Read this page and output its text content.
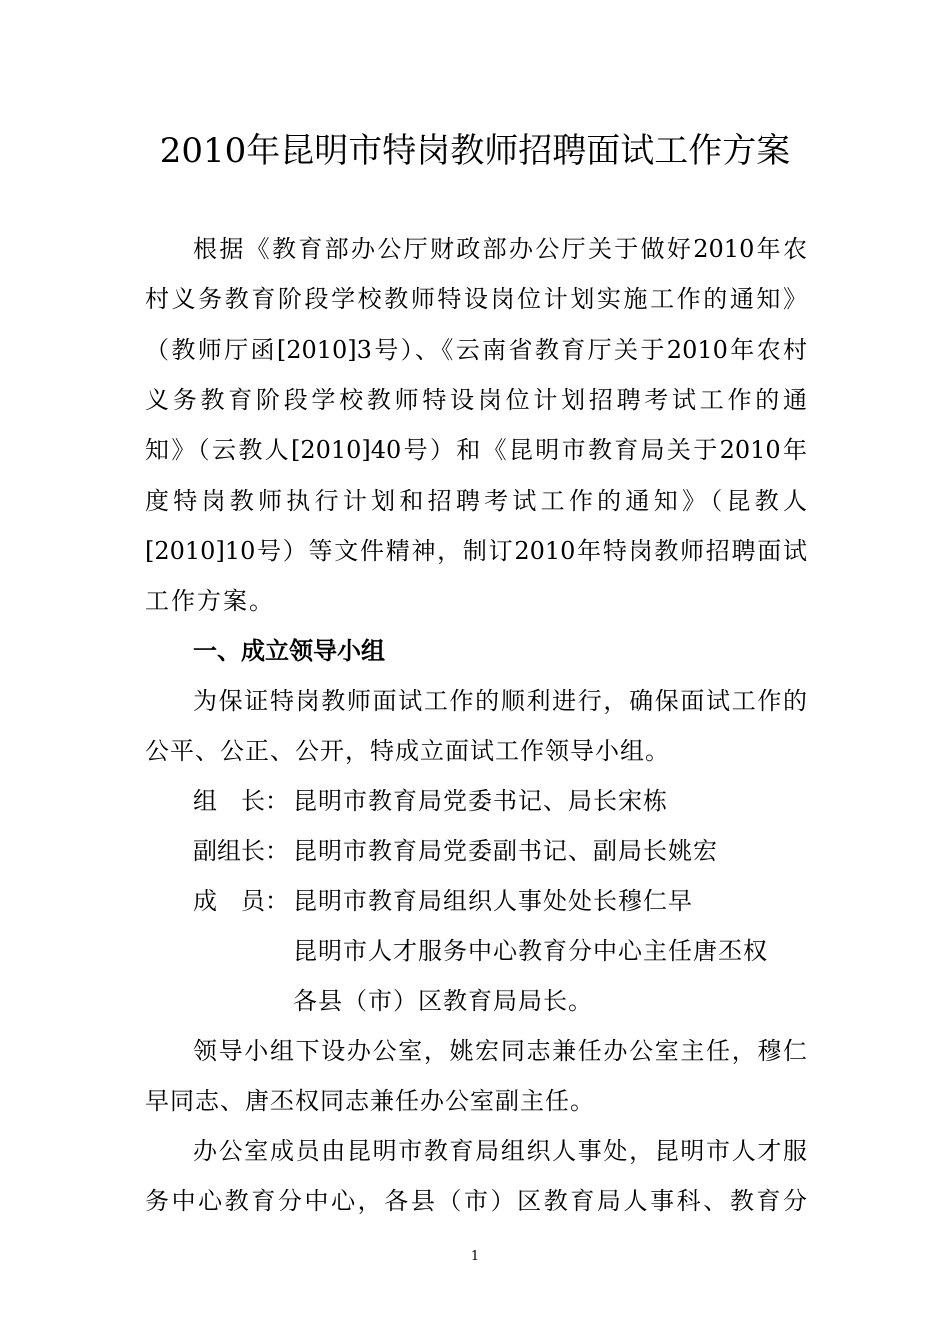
2010年昆明市特岗教师招聘面试工作方案
根据《教育部办公厅财政部办公厅关于做好2010年农
村义务教育阶段学校教师特设岗位计划实施工作的通知》
（教师厅函[2010]3号）、《云南省教育厅关于2010年农村
义务教育阶段学校教师特设岗位计划招聘考试工作的通
知》（云教人[2010]40号）和《昆明市教育局关于2010年
度特岗教师执行计划和招聘考试工作的通知》（昆教人
[2010]10号）等文件精神，制订2010年特岗教师招聘面试
工作方案。
一、成立领导小组
为保证特岗教师面试工作的顺利进行，确保面试工作的
公平、公正、公开，特成立面试工作领导小组。
组　长： 昆明市教育局党委书记、局长宋栋
副组长： 昆明市教育局党委副书记、副局长姚宏
成　员： 昆明市教育局组织人事处处长穆仁早
昆明市人才服务中心教育分中心主任唐丕权
各县（市）区教育局局长。
领导小组下设办公室，姚宏同志兼任办公室主任，穆仁
早同志、唐丕权同志兼任办公室副主任。
办公室成员由昆明市教育局组织人事处，昆明市人才服
务中心教育分中心，各县（市）区教育局人事科、教育分
1
